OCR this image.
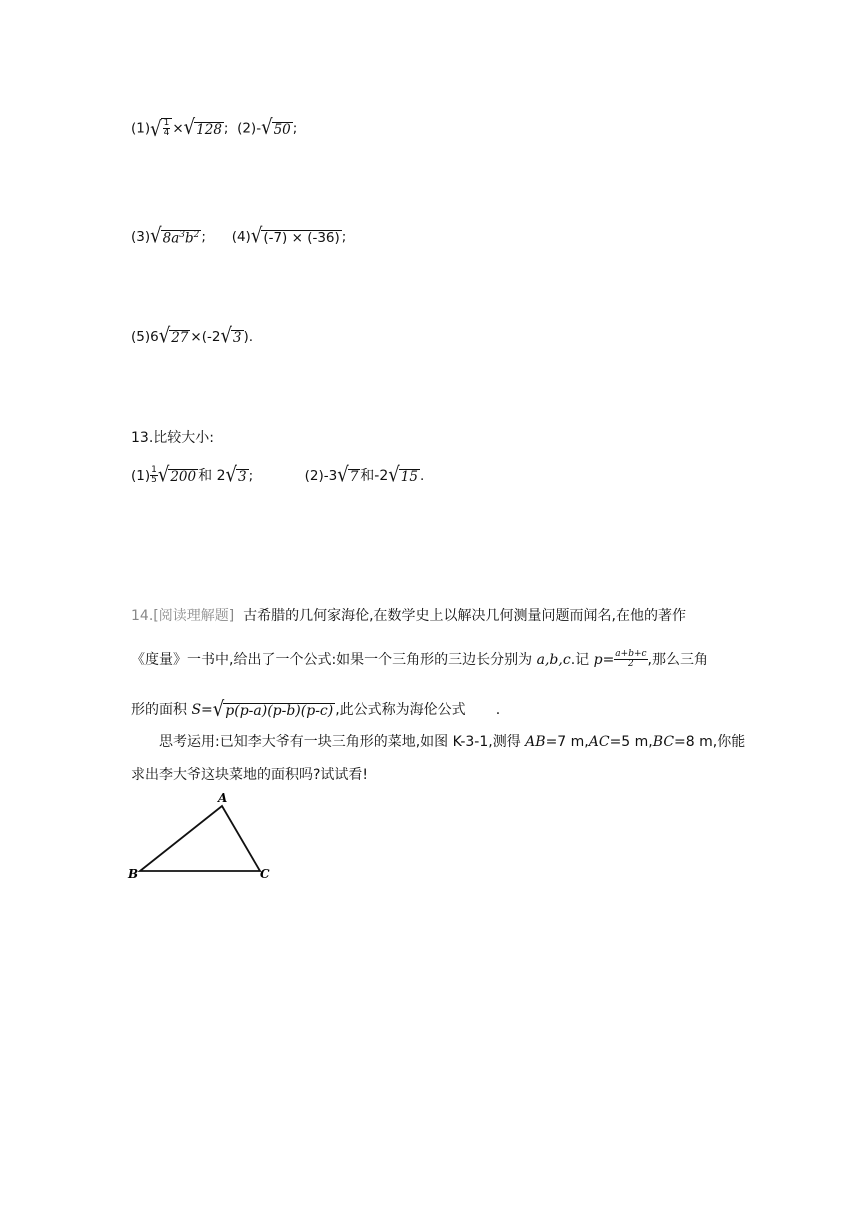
(1) √ $\frac{1}{4}$ × √ 128 ; (2)- √ 50 ;
(3) √ $8a^3b^2$ ; (4) √ (-7) × (-36) ;
(5)6 √ 27 ×(-2 √ 3 ).
13.比较大小:
$(1) \frac{1}{5}$ √ 200 和 2 √ 3 ;	(2)-3 √ 7 和-2 √ 15 .
14.[阅读理解题] 古希腊的几何家海伦,在数学史上以解决几何测量问题而闻名,在他的著作
《度量》一书中,给出了一个公式:如果一个三角形的三边长分别为 a,b,c.记 $p= \frac{a+b+c}{2}$ ,那么三角
形的面积 S= √ p(p-a)(p-b)(p-c) ,此公式称为海伦公式 .
思考运用:已知李大爷有一块三角形的菜地,如图 K-3-1,测得 AB=7 m,AC=5 m,BC=8 m,你能
求出李大爷这块菜地的面积吗?试试看!
A
B	C
